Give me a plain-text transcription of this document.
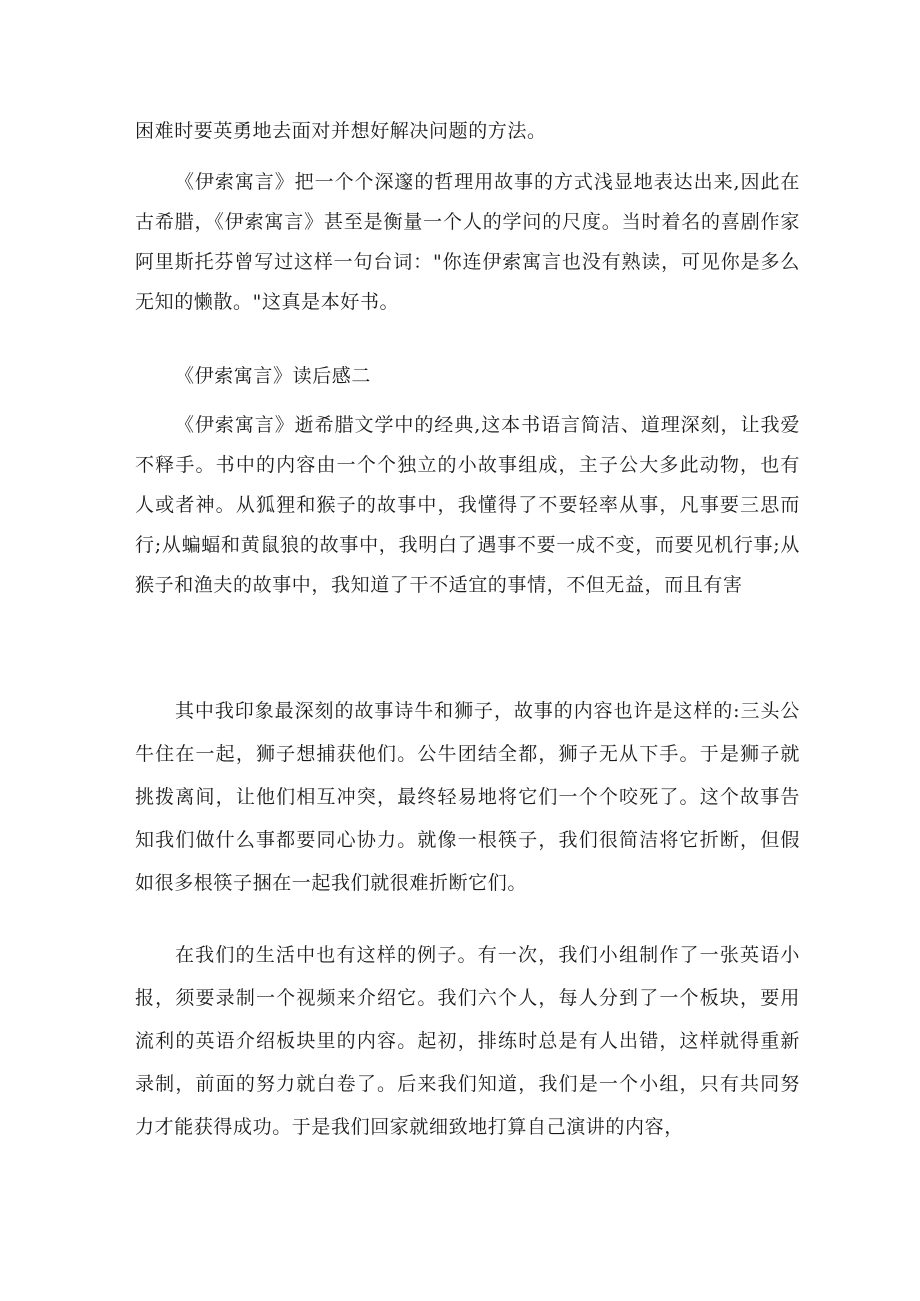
困难时要英勇地去面对并想好解决问题的方法。

《伊索寓言》把一个个深邃的哲理用故事的方式浅显地表达出来,因此在古希腊，《伊索寓言》甚至是衡量一个人的学问的尺度。当时着名的喜剧作家阿里斯托芬曾写过这样一句台词："你连伊索寓言也没有熟读，可见你是多么无知的懒散。"这真是本好书。

《伊索寓言》读后感二

《伊索寓言》逝希腊文学中的经典,这本书语言简洁、道理深刻，让我爱不释手。书中的内容由一个个独立的小故事组成，主子公大多此动物，也有人或者神。从狐狸和猴子的故事中，我懂得了不要轻率从事，凡事要三思而行;从蝙蝠和黄鼠狼的故事中，我明白了遇事不要一成不变，而要见机行事;从猴子和渔夫的故事中，我知道了干不适宜的事情，不但无益，而且有害

其中我印象最深刻的故事诗牛和狮子，故事的内容也许是这样的:三头公牛住在一起，狮子想捕获他们。公牛团结全都，狮子无从下手。于是狮子就挑拨离间，让他们相互冲突，最终轻易地将它们一个个咬死了。这个故事告知我们做什么事都要同心协力。就像一根筷子，我们很简洁将它折断，但假如很多根筷子捆在一起我们就很难折断它们。

在我们的生活中也有这样的例子。有一次，我们小组制作了一张英语小报，须要录制一个视频来介绍它。我们六个人，每人分到了一个板块，要用流利的英语介绍板块里的内容。起初，排练时总是有人出错，这样就得重新录制，前面的努力就白卷了。后来我们知道，我们是一个小组，只有共同努力才能获得成功。于是我们回家就细致地打算自己演讲的内容，
